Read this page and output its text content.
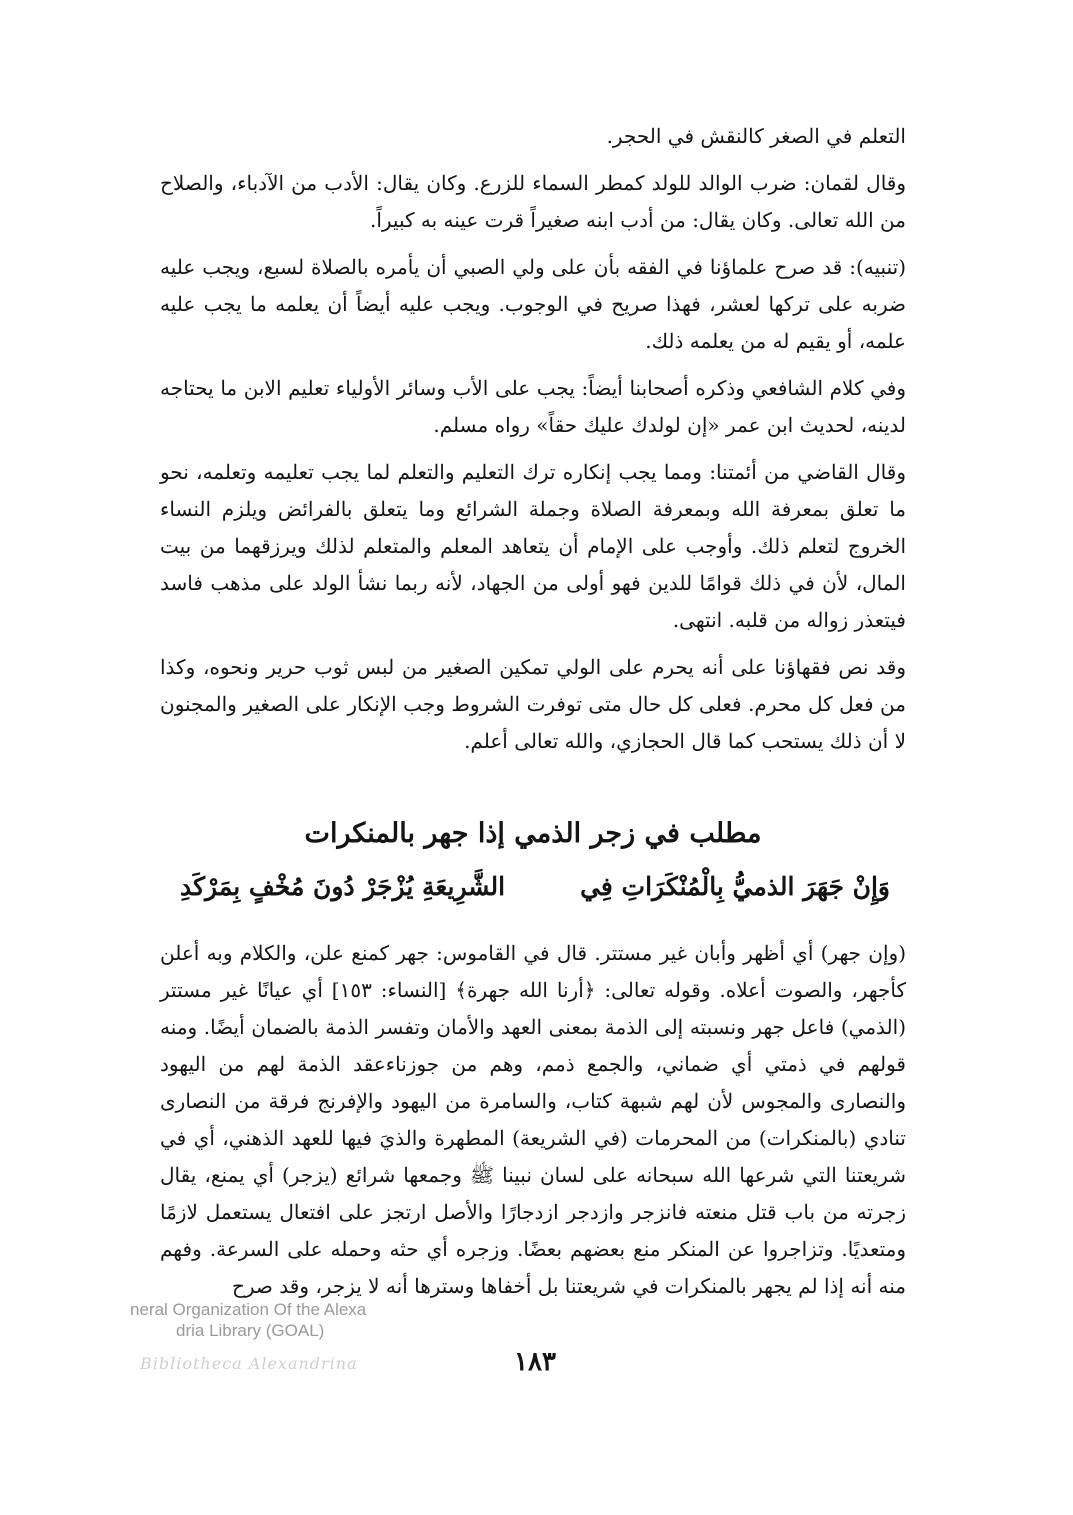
التعلم في الصغر كالنقش في الحجر.

وقال لقمان: ضرب الوالد للولد كمطر السماء للزرع. وكان يقال: الأدب من الآدباء، والصلاح من الله تعالى. وكان يقال: من أدب ابنه صغيراً قرت عينه به كبيراً.

(تنبيه): قد صرح علماؤنا في الفقه بأن على ولي الصبي أن يأمره بالصلاة لسبع، ويجب عليه ضربه على تركها لعشر، فهذا صريح في الوجوب. ويجب عليه أيضاً أن يعلمه ما يجب عليه علمه، أو يقيم له من يعلمه ذلك.

وفي كلام الشافعي وذكره أصحابنا أيضاً: يجب على الأب وسائر الأولياء تعليم الابن ما يحتاجه لدينه، لحديث ابن عمر «إن لولدك عليك حقاً» رواه مسلم.

وقال القاضي من أئمتنا: ومما يجب إنكاره ترك التعليم والتعلم لما يجب تعليمه وتعلمه، نحو ما تعلق بمعرفة الله وبمعرفة الصلاة وجملة الشرائع وما يتعلق بالفرائض ويلزم النساء الخروج لتعلم ذلك. وأوجب على الإمام أن يتعاهد المعلم والمتعلم لذلك ويرزقهما من بيت المال، لأن في ذلك قوامًا للدين فهو أولى من الجهاد، لأنه ربما نشأ الولد على مذهب فاسد فيتعذر زواله من قلبه. انتهى.

وقد نص فقهاؤنا على أنه يحرم على الولي تمكين الصغير من لبس ثوب حرير ونحوه، وكذا من فعل كل محرم. فعلى كل حال متى توفرت الشروط وجب الإنكار على الصغير والمجنون لا أن ذلك يستحب كما قال الحجازي، والله تعالى أعلم.

مطلب في زجر الذمي إذا جهر بالمنكرات
وَإِنْ جَهَرَ الذميُّ بِالْمُنْكَرَاتِ فِي
الشَّرِيعَةِ يُزْجَرْ دُونَ مُخْفٍ بِمَرْكَدِ

(وإن جهر) أي أظهر وأبان غير مستتر. قال في القاموس: جهر كمنع علن، والكلام وبه أعلن كأجهر، والصوت أعلاه. وقوله تعالى: ﴿أرنا الله جهرة﴾ [النساء: ١٥٣] أي عيانًا غير مستتر (الذمي) فاعل جهر ونسبته إلى الذمة بمعنى العهد والأمان وتفسر الذمة بالضمان أيضًا. ومنه قولهم في ذمتي أي ضماني، والجمع ذمم، وهم من جوزناءعقد الذمة لهم من اليهود والنصارى والمجوس لأن لهم شبهة كتاب، والسامرة من اليهود والإفرنج فرقة من النصارى تنادي (بالمنكرات) من المحرمات (في الشريعة) المطهرة والذيَ فيها للعهد الذهني، أي في شريعتنا التي شرعها الله سبحانه على لسان نبينا ﷺ وجمعها شرائع (يزجر) أي يمنع، يقال زجرته من باب قتل منعته فانزجر وازدجر ازدجارًا والأصل ارتجز على افتعال يستعمل لازمًا ومتعديًا. وتزاجروا عن المنكر منع بعضهم بعضًا. وزجره أي حثه وحمله على السرعة. وفهم منه أنه إذا لم يجهر بالمنكرات في شريعتنا بل أخفاها وسترها أنه لا يزجر، وقد صرح

neral Organization Of the Alexa
dria Library (GOAL)
Bibliotheca Alexandrina	١٨٣
